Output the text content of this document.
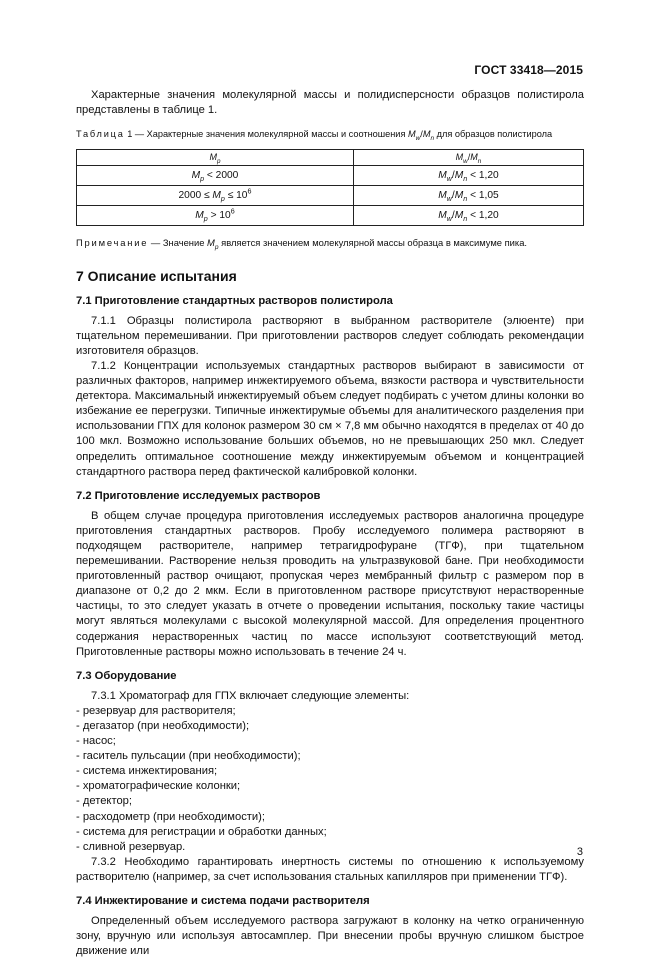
ГОСТ 33418—2015

Характерные значения молекулярной массы и полидисперсности образцов полистирола представлены в таблице 1.

Таблица 1 — Характерные значения молекулярной массы и соотношения $M_w/M_n$ для образцов полистирола

$M_p$	$M_w/M_n$
$M_p < 2000$	$M_w/M_n < 1,20$
$2000 \le M_p \le 10^6$	$M_w/M_n < 1,05$
$M_p > 10^6$	$M_w/M_n < 1,20$

Примечание — Значение $M_p$ является значением молекулярной массы образца в максимуме пика.

7 Описание испытания
7.1 Приготовление стандартных растворов полистирола

7.1.1 Образцы полистирола растворяют в выбранном растворителе (элюенте) при тщательном перемешивании. При приготовлении растворов следует соблюдать рекомендации изготовителя образцов.

7.1.2 Концентрации используемых стандартных растворов выбирают в зависимости от различных факторов, например инжектируемого объема, вязкости раствора и чувствительности детектора. Максимальный инжектируемый объем следует подбирать с учетом длины колонки во избежание ее перегрузки. Типичные инжектирумые объемы для аналитического разделения при использовании ГПХ для колонок размером 30 см × 7,8 мм обычно находятся в пределах от 40 до 100 мкл. Возможно использование больших объемов, но не превышающих 250 мкл. Следует определить оптимальное соотношение между инжектируемым объемом и концентрацией стандартного раствора перед фактической калибровкой колонки.

7.2 Приготовление исследуемых растворов

В общем случае процедура приготовления исследуемых растворов аналогична процедуре приготовления стандартных растворов. Пробу исследуемого полимера растворяют в подходящем растворителе, например тетрагидрофуране (ТГФ), при тщательном перемешивании. Растворение нельзя проводить на ультразвуковой бане. При необходимости приготовленный раствор очищают, пропуская через мембранный фильтр с размером пор в диапазоне от 0,2 до 2 мкм. Если в приготовленном растворе присутствуют нерастворенные частицы, то это следует указать в отчете о проведении испытания, поскольку такие частицы могут являться молекулами с высокой молекулярной массой. Для определения процентного содержания нерастворенных частиц по массе используют соответствующий метод. Приготовленные растворы можно использовать в течение 24 ч.

7.3 Оборудование

7.3.1 Хроматограф для ГПХ включает следующие элементы:

- резервуар для растворителя;

- дегазатор (при необходимости);

- насос;

- гаситель пульсации (при необходимости);

- система инжектирования;

- хроматографические колонки;

- детектор;

- расходометр (при необходимости);

- система для регистрации и обработки данных;

- сливной резервуар.

7.3.2 Необходимо гарантировать инертность системы по отношению к используемому растворителю (например, за счет использования стальных капилляров при применении ТГФ).

7.4 Инжектирование и система подачи растворителя

Определенный объем исследуемого раствора загружают в колонку на четко ограниченную зону, вручную или используя автосамплер. При внесении пробы вручную слишком быстрое движение или

3
